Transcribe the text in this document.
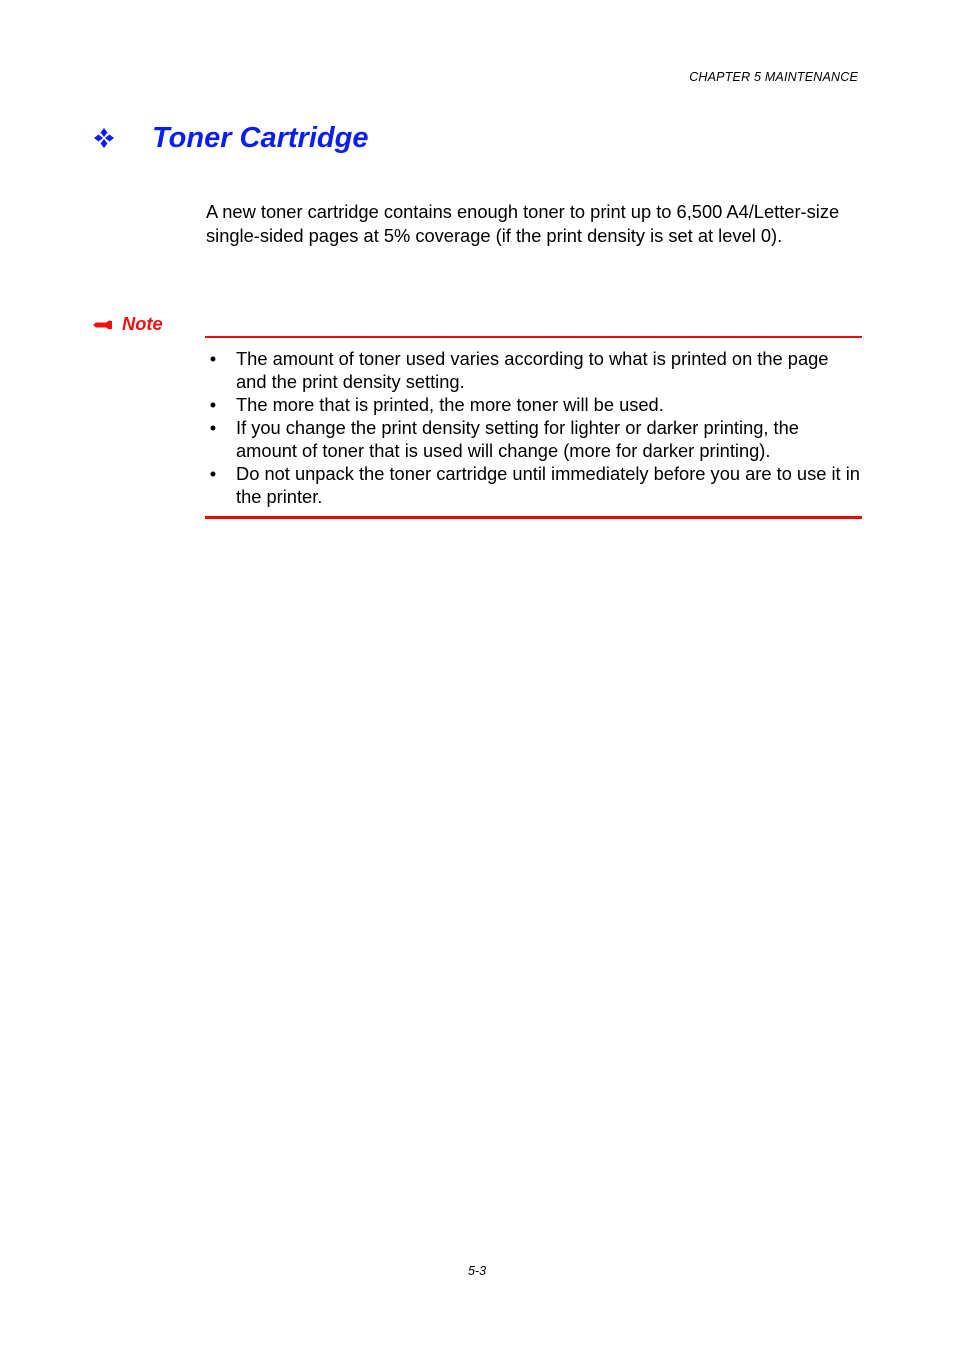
CHAPTER 5 MAINTENANCE
Toner Cartridge

A new toner cartridge contains enough toner to print up to 6,500 A4/Letter-size single-sided pages at 5% coverage (if the print density is set at level 0).

Note
• The amount of toner used varies according to what is printed on the page and the print density setting.
• The more that is printed, the more toner will be used.
• If you change the print density setting for lighter or darker printing, the amount of toner that is used will change (more for darker printing).
• Do not unpack the toner cartridge until immediately before you are to use it in the printer.
5-3
